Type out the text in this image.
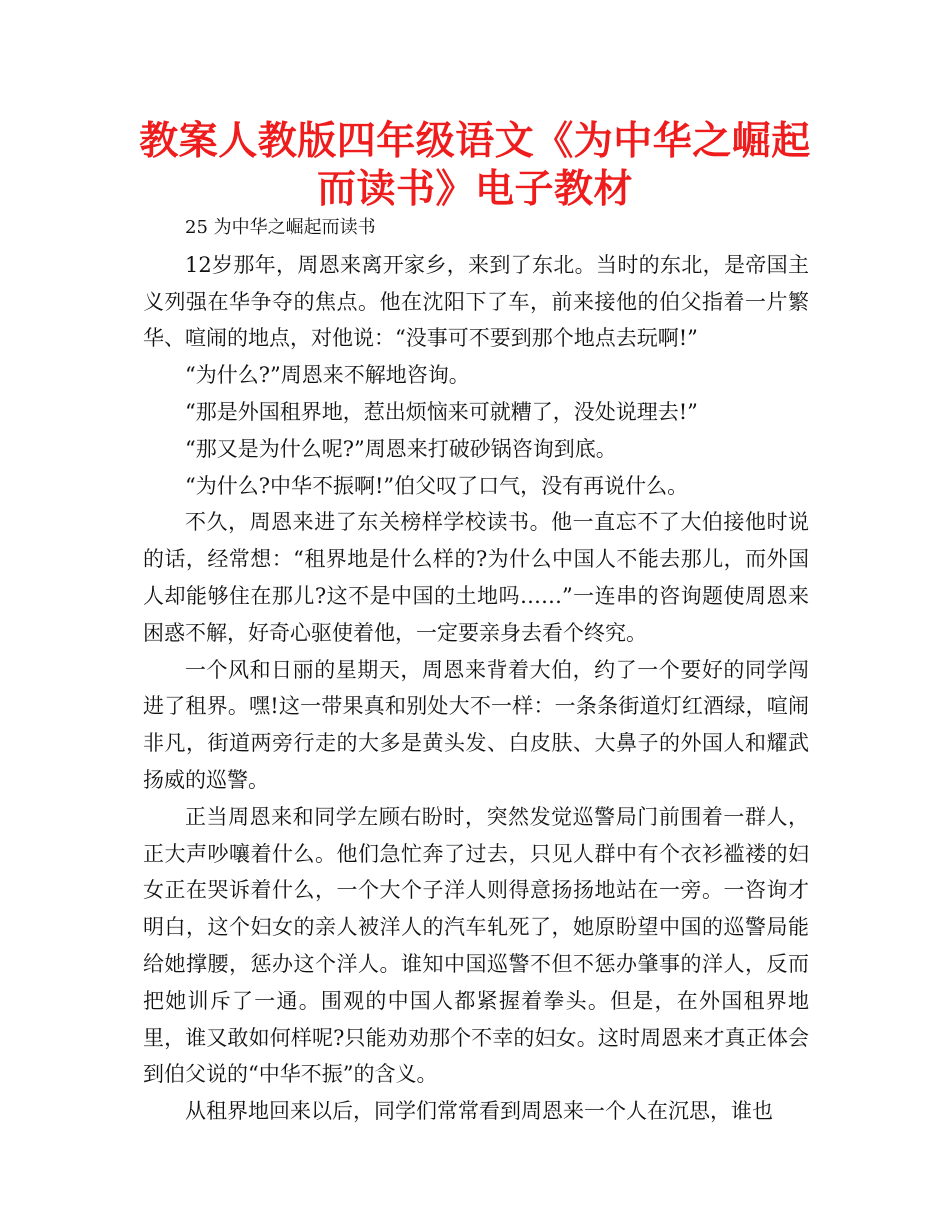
教案人教版四年级语文《为中华之崛起而读书》电子教材

25 为中华之崛起而读书

12岁那年，周恩来离开家乡，来到了东北。当时的东北，是帝国主义列强在华争夺的焦点。他在沈阳下了车，前来接他的伯父指着一片繁华、喧闹的地点，对他说：“没事可不要到那个地点去玩啊!”

“为什么?”周恩来不解地咨询。

“那是外国租界地，惹出烦恼来可就糟了，没处说理去!”

“那又是为什么呢?”周恩来打破砂锅咨询到底。

“为什么?中华不振啊!”伯父叹了口气，没有再说什么。

不久，周恩来进了东关榜样学校读书。他一直忘不了大伯接他时说的话，经常想：“租界地是什么样的?为什么中国人不能去那儿，而外国人却能够住在那儿?这不是中国的土地吗……”一连串的咨询题使周恩来困惑不解，好奇心驱使着他，一定要亲身去看个终究。

一个风和日丽的星期天，周恩来背着大伯，约了一个要好的同学闯进了租界。嘿!这一带果真和别处大不一样：一条条街道灯红酒绿，喧闹非凡，街道两旁行走的大多是黄头发、白皮肤、大鼻子的外国人和耀武扬威的巡警。

正当周恩来和同学左顾右盼时，突然发觉巡警局门前围着一群人，正大声吵嚷着什么。他们急忙奔了过去，只见人群中有个衣衫褴褛的妇女正在哭诉着什么，一个大个子洋人则得意扬扬地站在一旁。一咨询才明白，这个妇女的亲人被洋人的汽车轧死了，她原盼望中国的巡警局能给她撑腰，惩办这个洋人。谁知中国巡警不但不惩办肇事的洋人，反而把她训斥了一通。围观的中国人都紧握着拳头。但是，在外国租界地里，谁又敢如何样呢?只能劝劝那个不幸的妇女。这时周恩来才真正体会到伯父说的“中华不振”的含义。

从租界地回来以后，同学们常常看到周恩来一个人在沉思，谁也
